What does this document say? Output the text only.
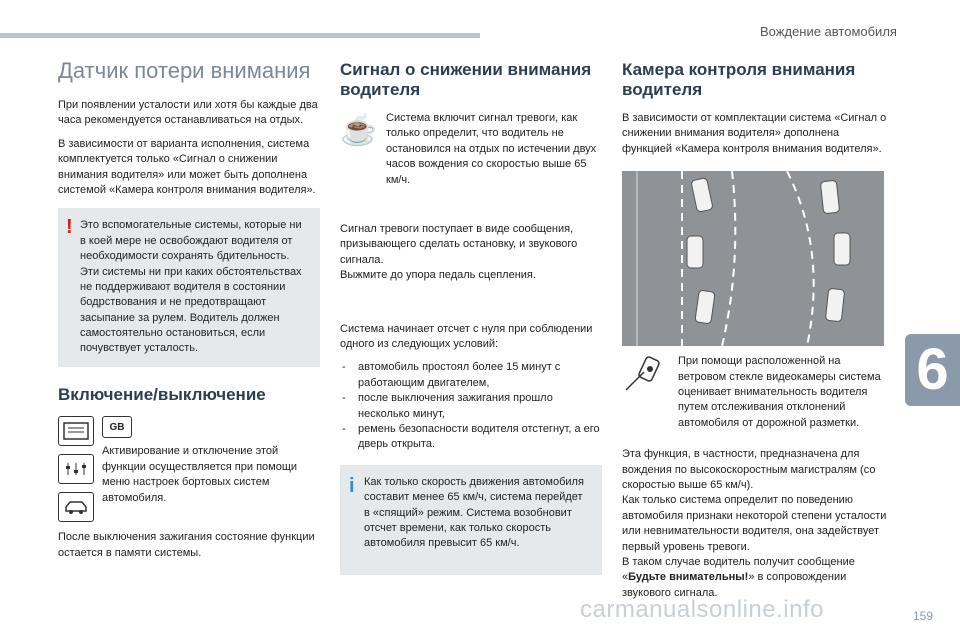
Вождение автомобиля
6
159
carmanualsonline.info
Датчик потери внимания

При появлении усталости или хотя бы каждые два часа рекомендуется останавливаться на отдых.

В зависимости от варианта исполнения, система комплектуется только «Сигнал о снижении внимания водителя» или может быть дополнена системой «Камера контроля внимания водителя».

! Это вспомогательные системы, которые ни в коей мере не освобождают водителя от необходимости сохранять бдительность. Эти системы ни при каких обстоятельствах не поддерживают водителя в состоянии бодрствования и не предотвращают засыпание за рулем. Водитель должен самостоятельно остановиться, если почувствует усталость.
Включение/выключение
GB
Активирование и отключение этой функции осуществляется при помощи меню настроек бортовых систем автомобиля.

После выключения зажигания состояние функции остается в памяти системы.

Сигнал о снижении внимания водителя
☕ Система включит сигнал тревоги, как только определит, что водитель не остановился на отдых по истечении двух часов вождения со скоростью выше 65 км/ч.

Сигнал тревоги поступает в виде сообщения, призывающего сделать остановку, и звукового сигнала.

Выжмите до упора педаль сцепления.

Система начинает отсчет с нуля при соблюдении одного из следующих условий:

- автомобиль простоял более 15 минут с работающим двигателем,
- после выключения зажигания прошло несколько минут,
- ремень безопасности водителя отстегнут, а его дверь открыта.
i Как только скорость движения автомобиля составит менее 65 км/ч, система перейдет в «спящий» режим. Система возобновит отсчет времени, как только скорость автомобиля превысит 65 км/ч.
Камера контроля внимания водителя

В зависимости от комплектации система «Сигнал о снижении внимания водителя» дополнена функцией «Камера контроля внимания водителя».

При помощи расположенной на ветровом стекле видеокамеры система оценивает внимательность водителя путем отслеживания отклонений автомобиля от дорожной разметки.

Эта функция, в частности, предназначена для вождения по высокоскоростным магистралям (со скоростью выше 65 км/ч).

Как только система определит по поведению автомобиля признаки некоторой степени усталости или невнимательности водителя, она задействует первый уровень тревоги.

В таком случае водитель получит сообщение «Будьте внимательны!» в сопровождении звукового сигнала.
